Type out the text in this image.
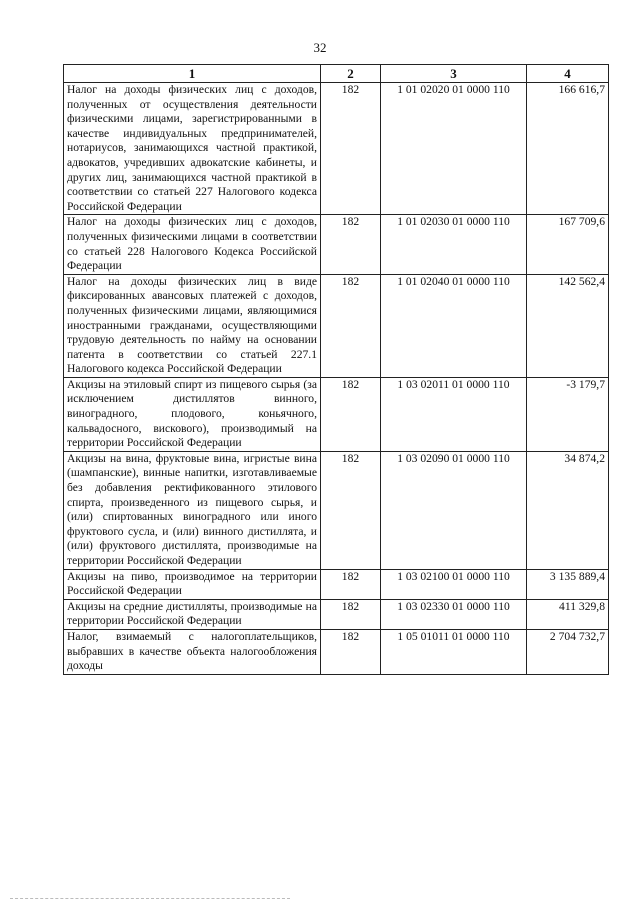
32
1	2	3	4
Налог на доходы физических лиц с доходов, полученных от осуществления деятельности физическими лицами, зарегистрированными в качестве индивидуальных предпринимателей, нотариусов, занимающихся частной практикой, адвокатов, учредивших адвокатские кабинеты, и других лиц, занимающихся частной практикой в соответствии со статьей 227 Налогового кодекса Российской Федерации	182	1 01 02020 01 0000 110	166 616,7
Налог на доходы физических лиц с доходов, полученных физическими лицами в соответствии со статьей 228 Налогового Кодекса Российской Федерации	182	1 01 02030 01 0000 110	167 709,6
Налог на доходы физических лиц в виде фиксированных авансовых платежей с доходов, полученных физическими лицами, являющимися иностранными гражданами, осуществляющими трудовую деятельность по найму на основании патента в соответствии со статьей 227.1 Налогового кодекса Российской Федерации	182	1 01 02040 01 0000 110	142 562,4
Акцизы на этиловый спирт из пищевого сырья (за исключением дистиллятов винного, виноградного, плодового, коньячного, кальвадосного, вискового), производимый на территории Российской Федерации	182	1 03 02011 01 0000 110	-3 179,7
Акцизы на вина, фруктовые вина, игристые вина (шампанские), винные напитки, изготавливаемые без добавления ректификованного этилового спирта, произведенного из пищевого сырья, и (или) спиртованных виноградного или иного фруктового сусла, и (или) винного дистиллята, и (или) фруктового дистиллята, производимые на территории Российской Федерации	182	1 03 02090 01 0000 110	34 874,2
Акцизы на пиво, производимое на территории Российской Федерации	182	1 03 02100 01 0000 110	3 135 889,4
Акцизы на средние дистилляты, производимые на территории Российской Федерации	182	1 03 02330 01 0000 110	411 329,8
Налог, взимаемый с налогоплательщиков, выбравших в качестве объекта налогообложения доходы	182	1 05 01011 01 0000 110	2 704 732,7
